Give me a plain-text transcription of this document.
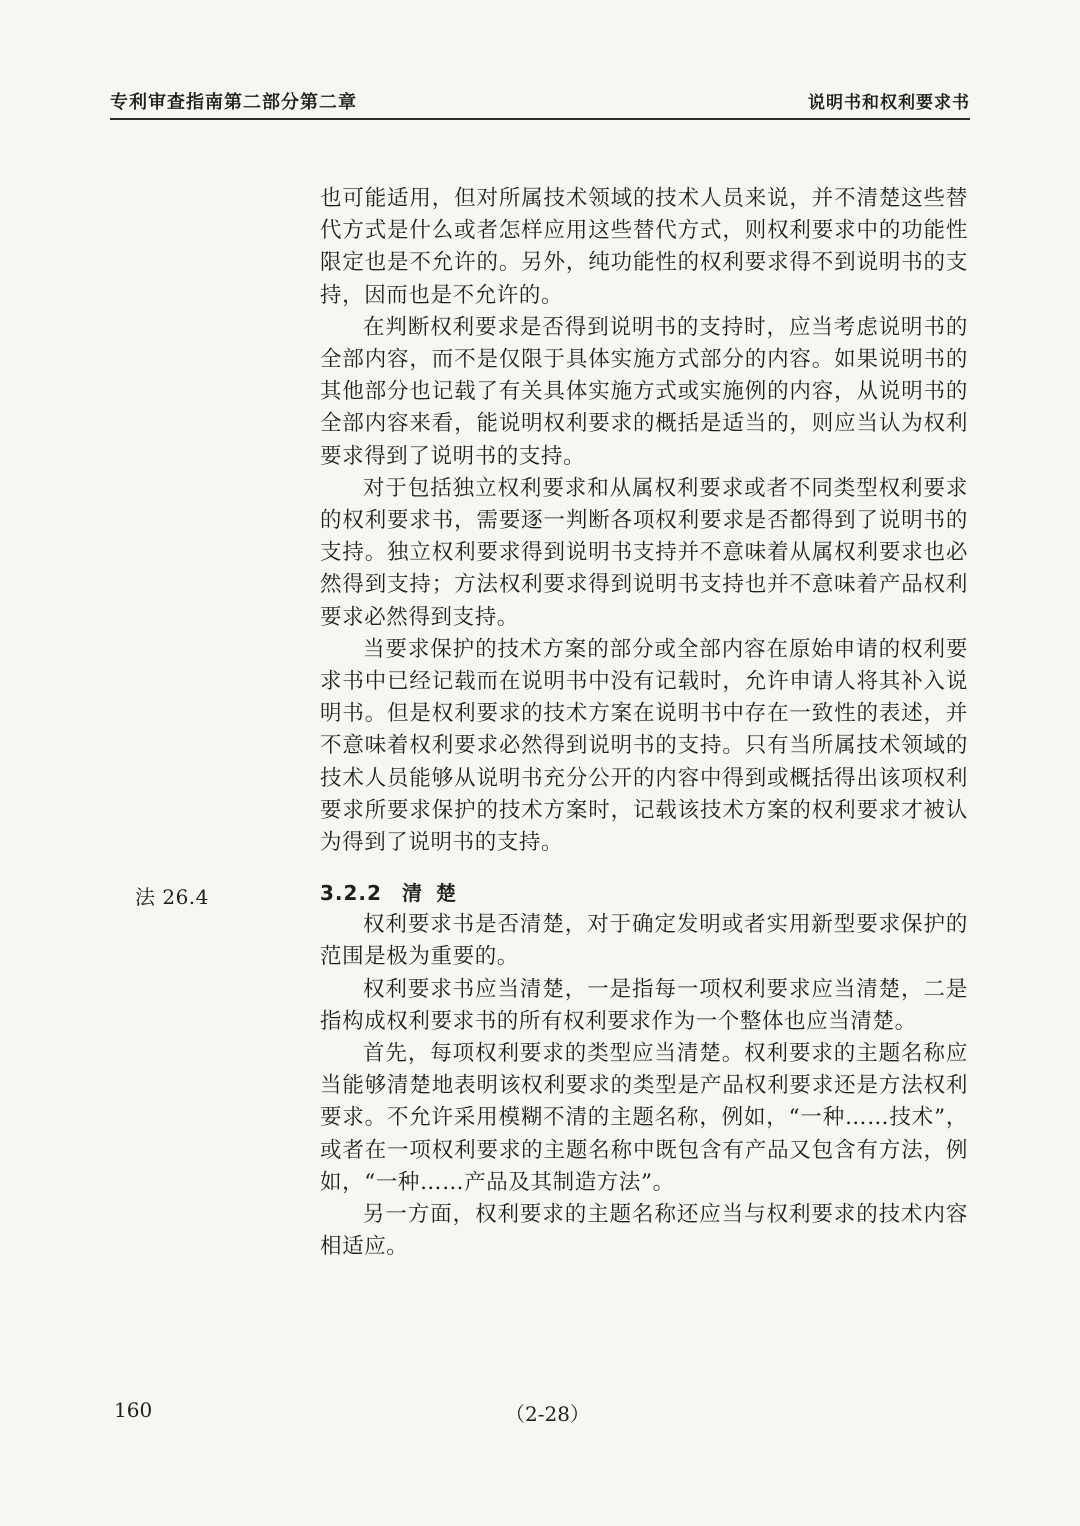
专利审查指南第二部分第二章	说明书和权利要求书
法 26.4

也可能适用，但对所属技术领域的技术人员来说，并不清楚这些替代方式是什么或者怎样应用这些替代方式，则权利要求中的功能性限定也是不允许的。另外，纯功能性的权利要求得不到说明书的支持，因而也是不允许的。

在判断权利要求是否得到说明书的支持时，应当考虑说明书的全部内容，而不是仅限于具体实施方式部分的内容。如果说明书的其他部分也记载了有关具体实施方式或实施例的内容，从说明书的全部内容来看，能说明权利要求的概括是适当的，则应当认为权利要求得到了说明书的支持。

对于包括独立权利要求和从属权利要求或者不同类型权利要求的权利要求书，需要逐一判断各项权利要求是否都得到了说明书的支持。独立权利要求得到说明书支持并不意味着从属权利要求也必然得到支持；方法权利要求得到说明书支持也并不意味着产品权利要求必然得到支持。

当要求保护的技术方案的部分或全部内容在原始申请的权利要求书中已经记载而在说明书中没有记载时，允许申请人将其补入说明书。但是权利要求的技术方案在说明书中存在一致性的表述，并不意味着权利要求必然得到说明书的支持。只有当所属技术领域的技术人员能够从说明书充分公开的内容中得到或概括得出该项权利要求所要求保护的技术方案时，记载该技术方案的权利要求才被认为得到了说明书的支持。

3.2.2 清楚

权利要求书是否清楚，对于确定发明或者实用新型要求保护的范围是极为重要的。

权利要求书应当清楚，一是指每一项权利要求应当清楚，二是指构成权利要求书的所有权利要求作为一个整体也应当清楚。

首先，每项权利要求的类型应当清楚。权利要求的主题名称应当能够清楚地表明该权利要求的类型是产品权利要求还是方法权利要求。不允许采用模糊不清的主题名称，例如，“一种……技术”，或者在一项权利要求的主题名称中既包含有产品又包含有方法，例如，“一种……产品及其制造方法”。

另一方面，权利要求的主题名称还应当与权利要求的技术内容相适应。

160	（2-28）
